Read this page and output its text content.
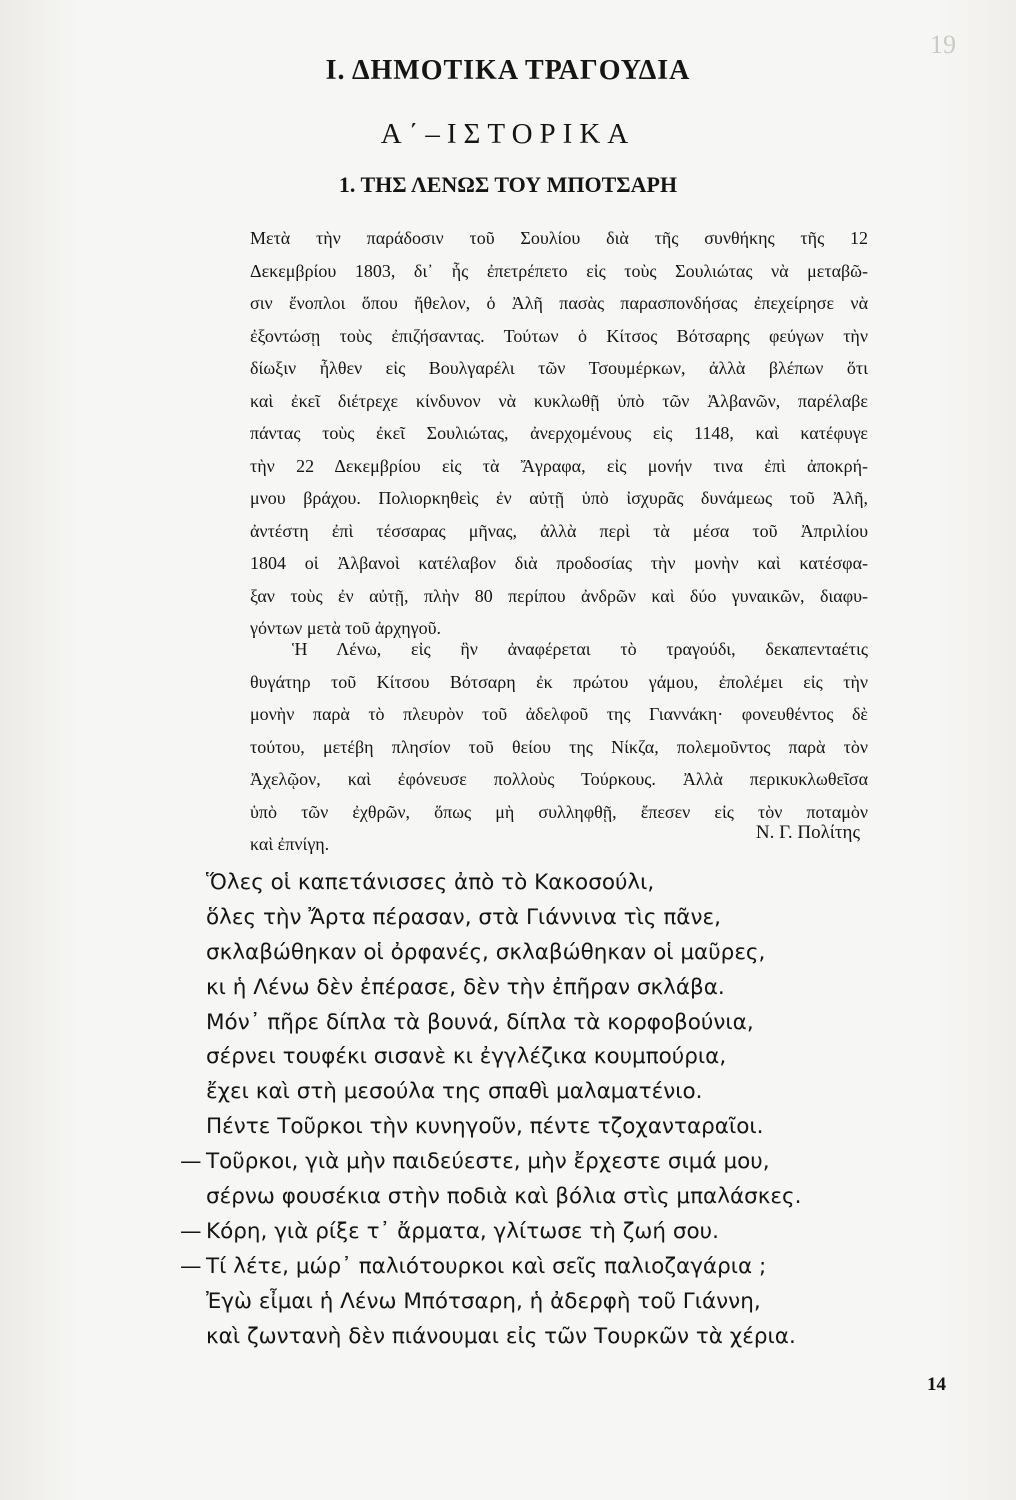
19
Ι. ΔΗΜΟΤΙΚΑ ΤΡΑΓΟΥΔΙΑ
Α΄–ΙΣΤΟΡΙΚΑ
1. ΤΗΣ ΛΕΝΩΣ ΤΟΥ ΜΠΟΤΣΑΡΗ
Μετὰ τὴν παράδοσιν τοῦ Σουλίου διὰ τῆς συνθήκης τῆς 12
Δεκεμβρίου 1803, δι᾽ ἧς ἐπετρέπετο εἰς τοὺς Σουλιώτας νὰ μεταβῶ-
σιν ἔνοπλοι ὅπου ἤθελον, ὁ Ἀλῆ πασὰς παρασπονδήσας ἐπεχείρησε νὰ
ἐξοντώσῃ τοὺς ἐπιζήσαντας. Τούτων ὁ Κίτσος Βότσαρης φεύγων τὴν
δίωξιν ἦλθεν εἰς Βουλγαρέλι τῶν Τσουμέρκων, ἀλλὰ βλέπων ὅτι
καὶ ἐκεῖ διέτρεχε κίνδυνον νὰ κυκλωθῇ ὑπὸ τῶν Ἀλβανῶν, παρέλαβε
πάντας τοὺς ἐκεῖ Σουλιώτας, ἀνερχομένους εἰς 1148, καὶ κατέφυγε
τὴν 22 Δεκεμβρίου εἰς τὰ Ἄγραφα, εἰς μονήν τινα ἐπὶ ἀποκρή-
μνου βράχου. Πολιορκηθεὶς ἐν αὐτῇ ὑπὸ ἰσχυρᾶς δυνάμεως τοῦ Ἀλῆ,
ἀντέστη ἐπὶ τέσσαρας μῆνας, ἀλλὰ περὶ τὰ μέσα τοῦ Ἀπριλίου
1804 οἱ Ἀλβανοὶ κατέλαβον διὰ προδοσίας τὴν μονὴν καὶ κατέσφα-
ξαν τοὺς ἐν αὐτῇ, πλὴν 80 περίπου ἀνδρῶν καὶ δύο γυναικῶν, διαφυ-
γόντων μετὰ τοῦ ἀρχηγοῦ.
Ἡ Λένω, εἰς ἣν ἀναφέρεται τὸ τραγούδι, δεκαπενταέτις
θυγάτηρ τοῦ Κίτσου Βότσαρη ἐκ πρώτου γάμου, ἐπολέμει εἰς τὴν
μονὴν παρὰ τὸ πλευρὸν τοῦ ἀδελφοῦ της Γιαννάκη· φονευθέντος δὲ
τούτου, μετέβη πλησίον τοῦ θείου της Νίκζα, πολεμοῦντος παρὰ τὸν
Ἀχελῷον, καὶ ἐφόνευσε πολλοὺς Τούρκους. Ἀλλὰ περικυκλωθεῖσα
ὑπὸ τῶν ἐχθρῶν, ὅπως μὴ συλληφθῇ, ἔπεσεν εἰς τὸν ποταμὸν
καὶ ἐπνίγη.
Ν. Γ. Πολίτης
Ὅλες οἱ καπετάνισσες ἀπὸ τὸ Κακοσούλι,
ὅλες τὴν Ἄρτα πέρασαν, στὰ Γιάννινα τὶς πᾶνε,
σκλαβώθηκαν οἱ ὀρφανές, σκλαβώθηκαν οἱ μαῦρες,
κι ἡ Λένω δὲν ἐπέρασε, δὲν τὴν ἐπῆραν σκλάβα.
Μόν᾽ πῆρε δίπλα τὰ βουνά, δίπλα τὰ κορφοβούνια,
σέρνει τουφέκι σισανὲ κι ἐγγλέζικα κουμπούρια,
ἔχει καὶ στὴ μεσούλα της σπαθὶ μαλαματένιο.
Πέντε Τοῦρκοι τὴν κυνηγοῦν, πέντε τζοχανταραῖοι.
— Τοῦρκοι, γιὰ μὴν παιδεύεστε, μὴν ἔρχεστε σιμά μου,
σέρνω φουσέκια στὴν ποδιὰ καὶ βόλια στὶς μπαλάσκες.
— Κόρη, γιὰ ρίξε τ᾽ ἄρματα, γλίτωσε τὴ ζωή σου.
— Τί λέτε, μώρ᾽ παλιότουρκοι καὶ σεῖς παλιοζαγάρια ;
Ἐγὼ εἶμαι ἡ Λένω Μπότσαρη, ἡ ἀδερφὴ τοῦ Γιάννη,
καὶ ζωντανὴ δὲν πιάνουμαι εἰς τῶν Τουρκῶν τὰ χέρια.
14
